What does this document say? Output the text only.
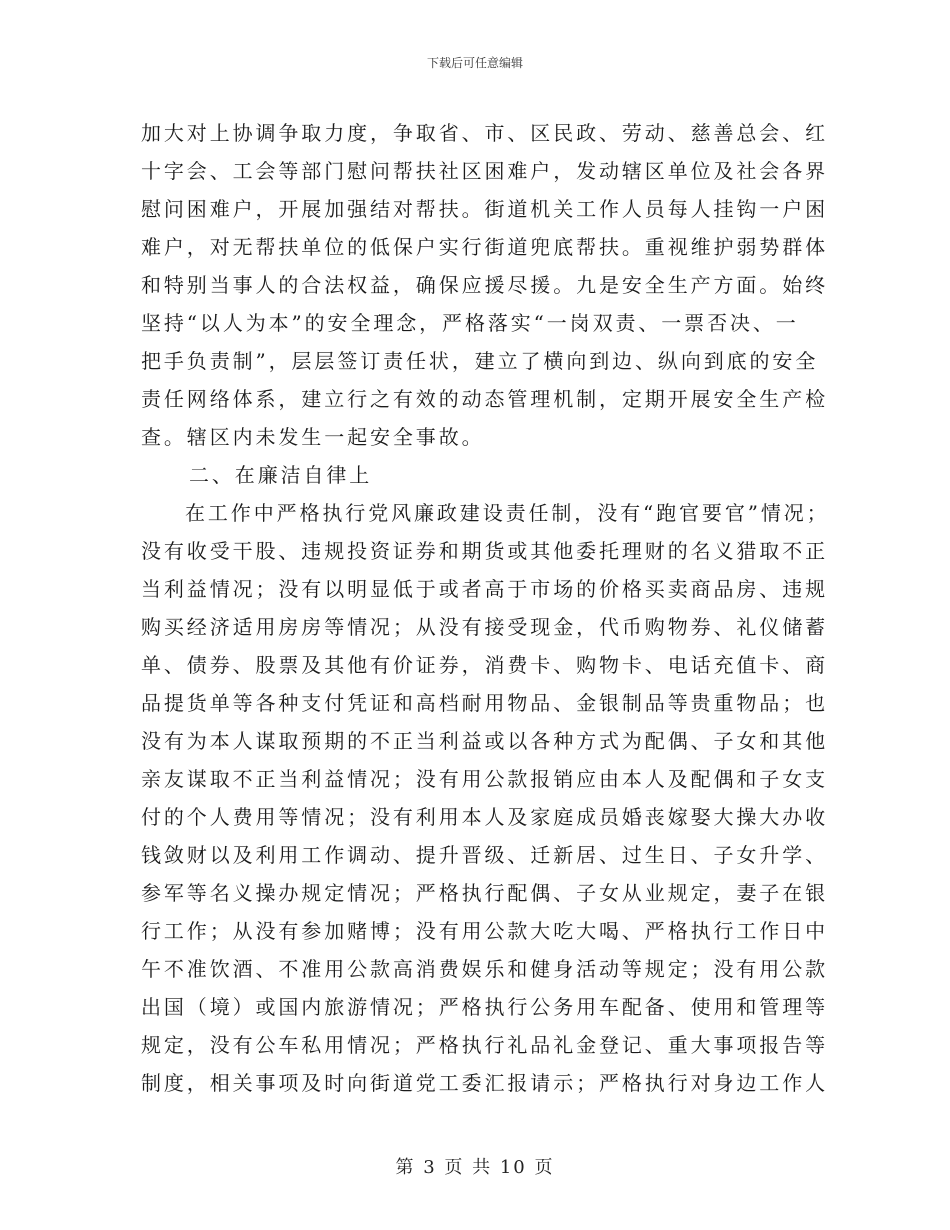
下载后可任意编辑
加大对上协调争取力度，争取省、市、区民政、劳动、慈善总会、红
十字会、工会等部门慰问帮扶社区困难户，发动辖区单位及社会各界
慰问困难户，开展加强结对帮扶。街道机关工作人员每人挂钩一户困
难户，对无帮扶单位的低保户实行街道兜底帮扶。重视维护弱势群体
和特别当事人的合法权益，确保应援尽援。九是安全生产方面。始终
坚持“以人为本”的安全理念，严格落实“一岗双责、一票否决、一
把手负责制”，层层签订责任状，建立了横向到边、纵向到底的安全
责任网络体系，建立行之有效的动态管理机制，定期开展安全生产检
查。辖区内未发生一起安全事故。
二、在廉洁自律上
在工作中严格执行党风廉政建设责任制，没有“跑官要官”情况；
没有收受干股、违规投资证券和期货或其他委托理财的名义猎取不正
当利益情况；没有以明显低于或者高于市场的价格买卖商品房、违规
购买经济适用房房等情况；从没有接受现金，代币购物券、礼仪储蓄
单、债券、股票及其他有价证券，消费卡、购物卡、电话充值卡、商
品提货单等各种支付凭证和高档耐用物品、金银制品等贵重物品；也
没有为本人谋取预期的不正当利益或以各种方式为配偶、子女和其他
亲友谋取不正当利益情况；没有用公款报销应由本人及配偶和子女支
付的个人费用等情况；没有利用本人及家庭成员婚丧嫁娶大操大办收
钱敛财以及利用工作调动、提升晋级、迁新居、过生日、子女升学、
参军等名义操办规定情况；严格执行配偶、子女从业规定，妻子在银
行工作；从没有参加赌博；没有用公款大吃大喝、严格执行工作日中
午不准饮酒、不准用公款高消费娱乐和健身活动等规定；没有用公款
出国（境）或国内旅游情况；严格执行公务用车配备、使用和管理等
规定，没有公车私用情况；严格执行礼品礼金登记、重大事项报告等
制度，相关事项及时向街道党工委汇报请示；严格执行对身边工作人
第 3 页 共 10 页
